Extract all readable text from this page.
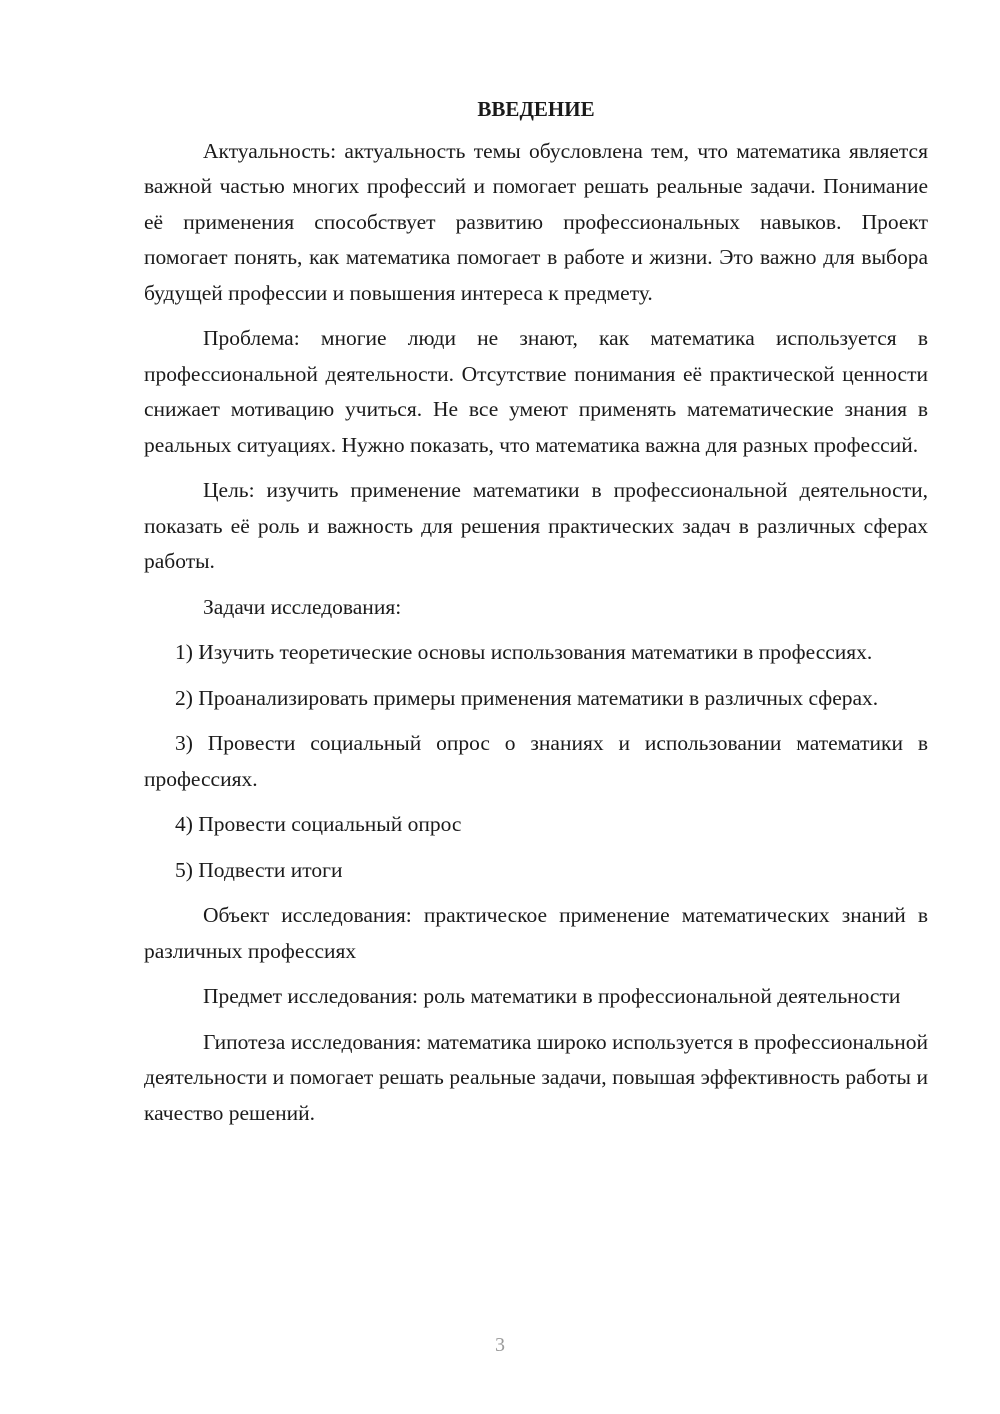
ВВЕДЕНИЕ

Актуальность: актуальность темы обусловлена тем, что математика является важной частью многих профессий и помогает решать реальные задачи. Понимание её применения способствует развитию профессиональных навыков. Проект помогает понять, как математика помогает в работе и жизни. Это важно для выбора будущей профессии и повышения интереса к предмету.

Проблема: многие люди не знают, как математика используется в профессиональной деятельности. Отсутствие понимания её практической ценности снижает мотивацию учиться. Не все умеют применять математические знания в реальных ситуациях. Нужно показать, что математика важна для разных профессий.

Цель: изучить применение математики в профессиональной деятельности, показать её роль и важность для решения практических задач в различных сферах работы.

Задачи исследования:

1) Изучить теоретические основы использования математики в профессиях.

2) Проанализировать примеры применения математики в различных сферах.

3) Провести социальный опрос о знаниях и использовании математики в профессиях.

4) Провести социальный опрос

5) Подвести итоги

Объект исследования: практическое применение математических знаний в различных профессиях

Предмет исследования: роль математики в профессиональной деятельности

Гипотеза исследования: математика широко используется в профессиональной деятельности и помогает решать реальные задачи, повышая эффективность работы и качество решений.

3
